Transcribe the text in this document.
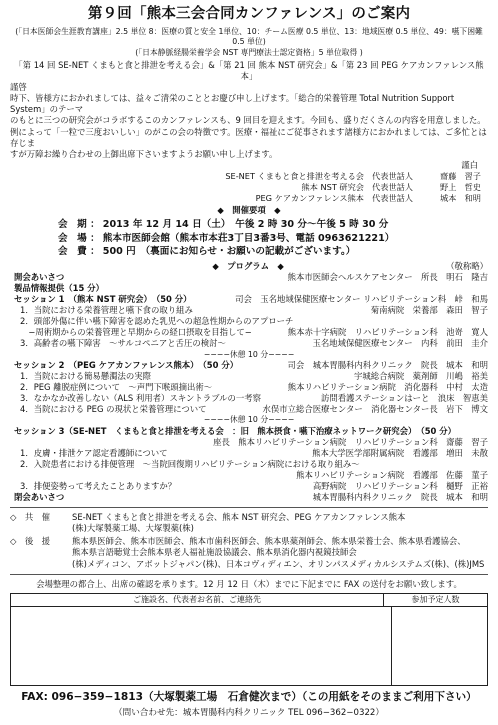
第９回「熊本三会合同カンファレンス」のご案内
(「日本医師会生涯教育講座」2.5 単位 8：医療の質と安全 1単位、10：チーム医療 0.5 単位、13：地域医療 0.5 単位、49：嚥下困難 0.5 単位)
(「日本静脈経腸栄養学会 NST 専門療法士認定資格」5 単位取得 )
「第 14 回 SE-NET くまもと食と排泄を考える会」&「第 21 回 熊本 NST 研究会」&「第 23 回 PEG ケアカンファレンス熊本」
謹啓

時下、皆様方におかれましては、益々ご清栄のこととお慶び申し上げます。「総合的栄養管理 Total Nutrition Support System」のテーマ

のもとに三つの研究会がコラボするこのカンファレンスも、9 回目を迎えます。今回も、盛りだくさんの内容を用意しました。

例によって「一粒で三度おいしい」のがこの会の特徴です。医療・福祉にご従事されます諸様方におかれましては、ご多忙とは存じま

すが万障お繰り合わせの上御出席下さいますようお願い申し上げます。

謹白
SE-NET くまもと食と排泄を考える会 代表世話人	齋藤　習子
熊本 NST 研究会 代表世話人	野上　哲史
PEG ケアカンファレンス熊本 代表世話人	城本　和明
◆　開催要項　◆
会　期 ： 2013 年 12 月 14 日（土）　午後 2 時 30 分〜午後 5 時 30 分
会　場 ： 熊本市医師会館（熊本市本荘3丁目3番3号、電話 0963621221）
会　費 ： 500 円　（裏面にお知らせ・お願いの記載がございます。）
◆　プログラム　◆	（敬称略）
開会あいさつ	熊本市医師会ヘルスケアセンター　所長　明石　隆吉
製品情報提供（15 分）
セッション 1　（熊本 NST 研究会）　（50 分）	司会　玉名地域保健医療センター リハビリテーション科　峠　和馬
1．当院における栄養管理と嚥下食の取り組み	菊南病院　栄養部　森田　智子
2．頭部外傷に伴い嚥下障害を認めた乳児への超急性期からのアプローチ
　−周術期からの栄養管理と早期からの経口摂取を目指して−	熊本赤十字病院　リハビリテーション科　池嵜　寛人
3．高齢者の嚥下障害　〜サルコペニアと舌圧の検討〜	玉名地域保健医療センター　内科　前田　圭介
−−−−休憩 10 分−−−−
セッション 2　（PEG ケアカンファレンス熊本）　（50 分）	司会　城本胃腸科内科クリニック　院長　城本　和明
1．当院における簡易懸濁法の実際	宇城総合病院　薬剤師　川嶋　裕美
2．PEG 離脱症例について　〜声門下喉頭摘出術〜	熊本リハビリテーション病院　消化器科　中村　太造
3．なかなか改善しない（ALS 利用者）スキントラブルの一考察	訪問看護ステーションはーと　浪床　智恵美
4．当院における PEG の現状と栄養管理について	水俣市立総合医療センター　消化器センター長　岩下　博文
−−−−休憩 10 分−−−−
セッション 3（SE-NET　くまもと食と排泄を考える会　：旧　熊本摂食・嚥下治療ネットワーク研究会）　（50 分）
座長　熊本リハビリテーション病院　リハビリテーション科　齋藤　習子
1．皮膚・排泄ケア認定看護師について	熊本大学医学部附属病院　看護部　増田　未散
2．入院患者における排便管理　〜当院回復期リハビリテーション病院における取り組み〜
熊本リハビリテーション病院　看護部　佐藤　菫子
3．排便姿勢って考えたことありますか？	高野病院　リハビリテーション科　樋野　正裕
閉会あいさつ	城本胃腸科内科クリニック　院長　城本　和明
◇　共　催	SE-NET くまもと食と排泄を考える会、熊本 NST 研究会、PEG ケアカンファレンス熊本
(株)大塚製薬工場、大塚製薬(株)
◇　後　援	熊本県医師会、熊本市医師会、熊本市歯科医師会、熊本県薬剤師会、熊本県栄養士会、熊本県看護協会、
熊本県言語聴覚士会熊本県老人福祉施設協議会、熊本県消化器内視鏡技師会
(株)メディコン、アボットジャパン(株)、日本コヴィディエン、オリンパスメディカルシステムズ(株)、(株)JMS
会場整理の都合上、出席の確認を承ります。12 月 12 日（木）までに下記までに FAX の送付をお願い致します。
ご施設名、代表者お名前、ご連絡先	参加予定人数
FAX: 096−359−1813（大塚製薬工場　石倉健次まで）（この用紙をそのままご利用下さい）
（問い合わせ先：城本胃腸科内科クリニック TEL 096−362−0322）
